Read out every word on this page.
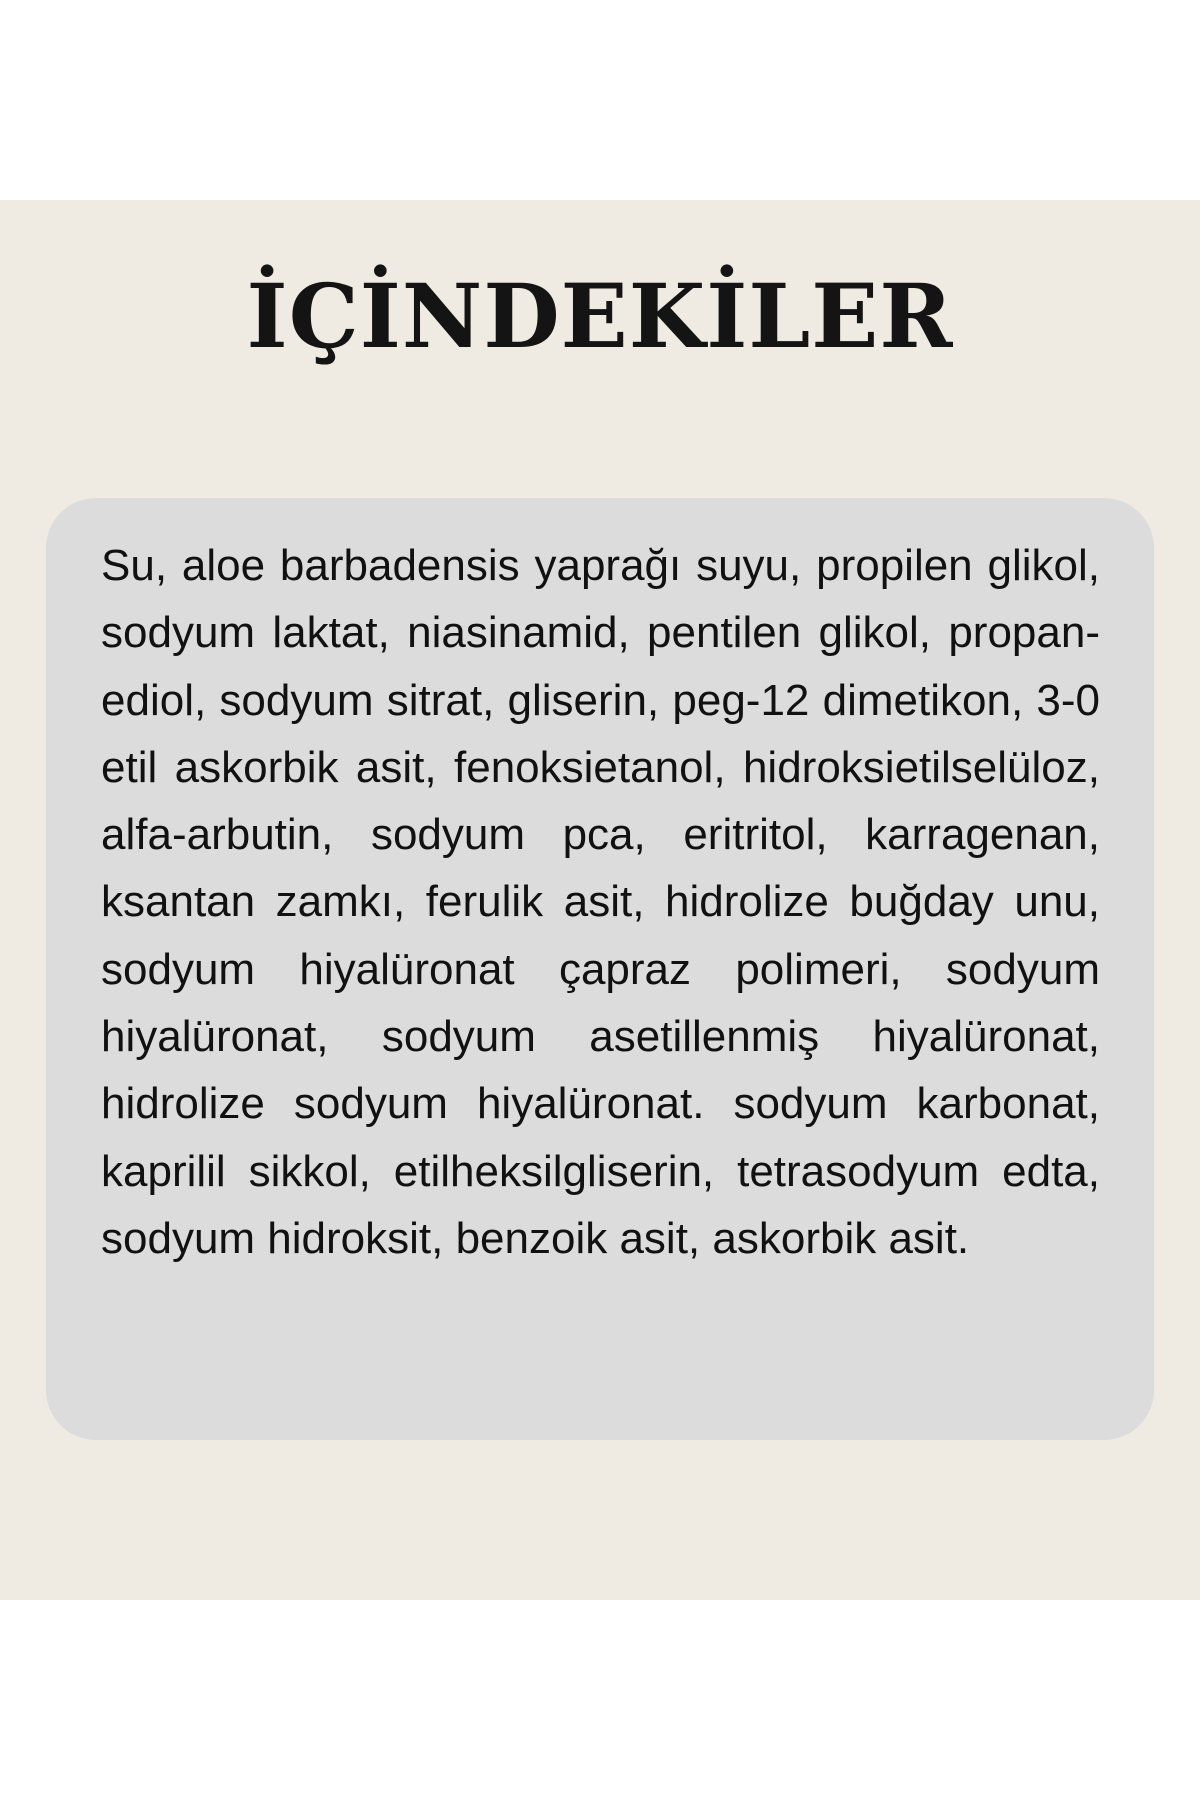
İÇİNDEKİLER

Su, aloe barbadensis yaprağı suyu, propilen glikol, sodyum laktat, niasinamid, pentilen glikol, propan-ediol, sodyum sitrat, gliserin, peg-12 dimetikon, 3-0 etil askorbik asit, fenoksietanol, hidroksietilselüloz, alfa-arbutin, sodyum pca, eritritol, karragenan, ksantan zamkı, ferulik asit, hidrolize buğday unu, sodyum hiyalüronat çapraz polimeri, sodyum hiyalüronat, sodyum asetillenmiş hiyalüronat, hidrolize sodyum hiyalüronat. sodyum karbonat, kaprilil sikkol, etilheksilgliserin, tetrasodyum edta, sodyum hidroksit, benzoik asit, askorbik asit.
